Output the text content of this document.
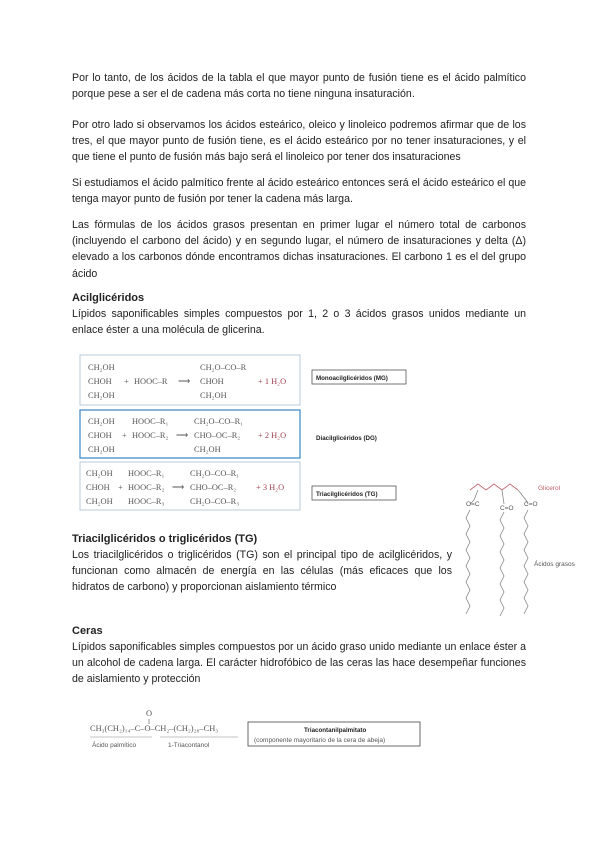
Por lo tanto, de los ácidos de la tabla el que mayor punto de fusión tiene es el ácido palmítico porque pese a ser el de cadena más corta no tiene ninguna insaturación.
Por otro lado si observamos los ácidos esteárico, oleico y linoleico podremos afirmar que de los tres, el que mayor punto de fusión tiene, es el ácido esteárico por no tener insaturaciones, y el que tiene el punto de fusión más bajo será el linoleico por tener dos insaturaciones
Si estudiamos el ácido palmítico frente al ácido esteárico entonces será el ácido esteárico el que tenga mayor punto de fusión por tener la cadena más larga.
Las fórmulas de los ácidos grasos presentan en primer lugar el número total de carbonos (incluyendo el carbono del ácido) y en segundo lugar, el número de insaturaciones y delta (Δ) elevado a los carbonos dónde encontramos dichas insaturaciones. El carbono 1 es el del grupo ácido
Acilglicéridos
Lípidos saponificables simples compuestos por 1, 2 o 3 ácidos grasos unidos mediante un enlace éster a una molécula de glicerina.
CH₂OH
CHOH
CH₂OH
+ HOOC–R ⟶
CH₂O–CO–R
CHOH
CH₂OH
+ 1 H₂O	Monoacilglicéridos (MG)
CH₂OH
CHOH
CH₂OH
+
HOOC–R₁
HOOC–R₂ ⟶
CH₂O–CO–R₁
CHO–OC–R₂
CH₂OH
+ 2 H₂O	Diacilglicéridos (DG)
CH₂OH
CHOH
CH₂OH
+
HOOC–R₁
HOOC–R₂
HOOC–R₃
⟶
CH₂O–CO–R₁
CHO–OC–R₂
CH₂O–CO–R₃
+ 3 H₂O
Triacilglicéridos (TG)
O=C
C=O
C=O
Glicerol
Ácidos grasos
O
CH₃(CH₂)₁₄–C–O–CH₂–(CH₂)₂₈–CH₃
Ácido palmítico	1-Triacontanol
Triacontanilpalmitato
(componente mayoritario de la cera de abeja)
Triacilglicéridos o triglicéridos (TG)
Los triacilglicéridos o triglicéridos (TG) son el principal tipo de acilglicéridos, y funcionan como almacén de energía en las células (más eficaces que los hidratos de carbono) y proporcionan aislamiento térmico
Ceras
Lípidos saponificables simples compuestos por un ácido graso unido mediante un enlace éster a un alcohol de cadena larga. El carácter hidrofóbico de las ceras las hace desempeñar funciones de aislamiento y protección
